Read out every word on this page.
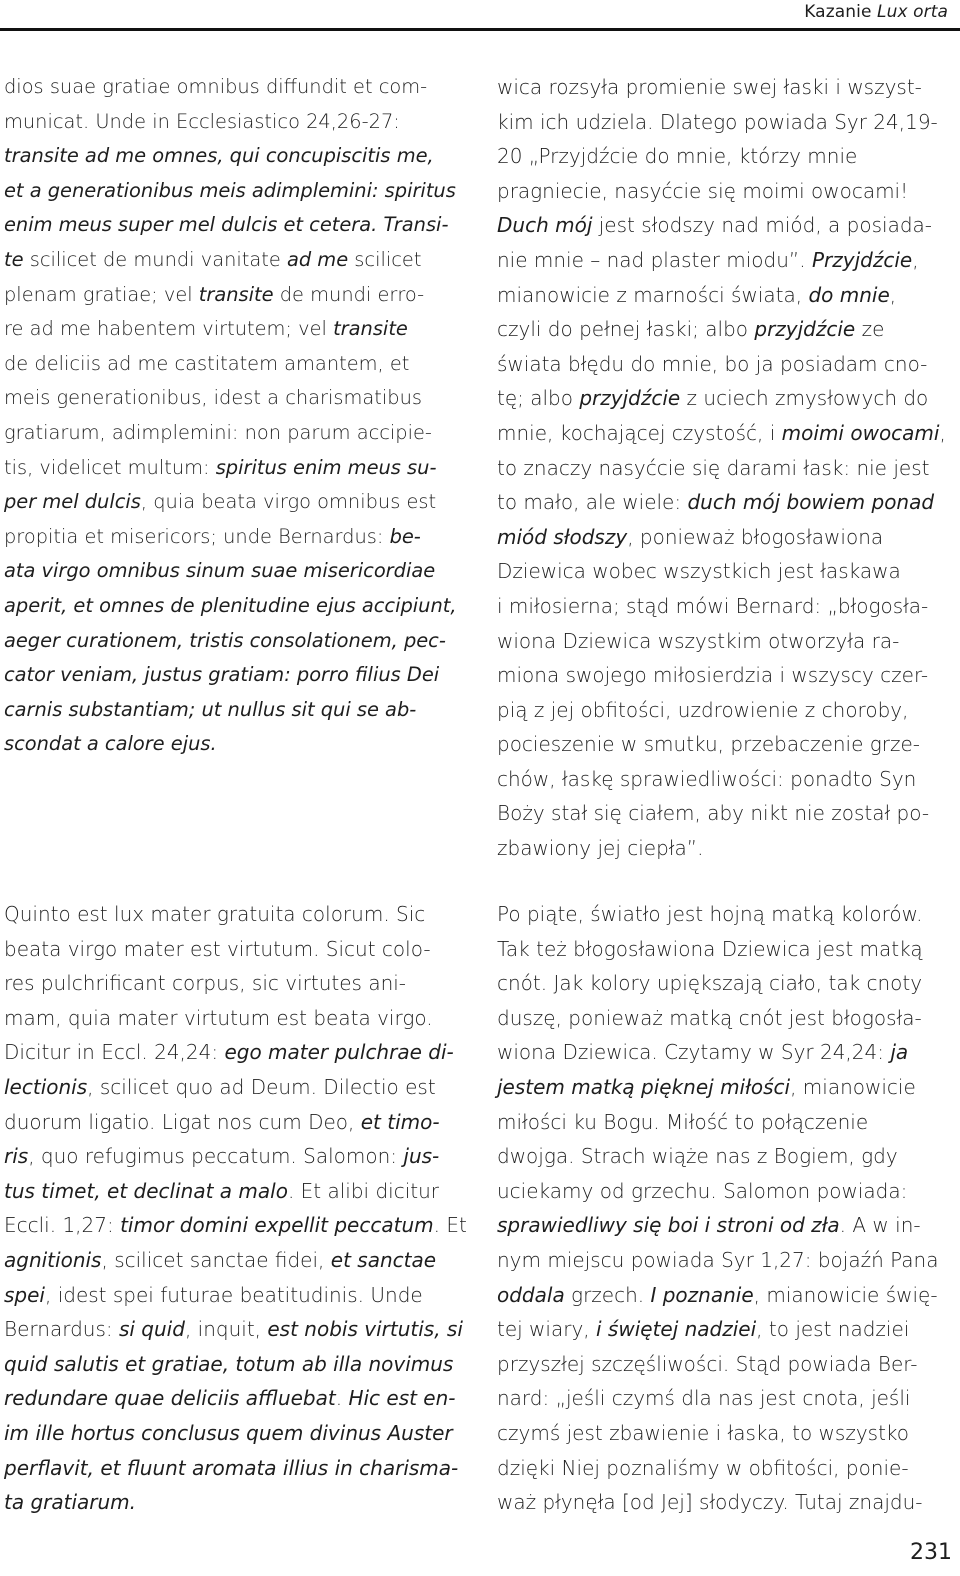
Kazanie Lux orta
dios suae gratiae omnibus diffundit et com-
municat. Unde in Ecclesiastico 24,26-27:
transite ad me omnes, qui concupiscitis me,
et a generationibus meis adimplemini: spiritus
enim meus super mel dulcis et cetera. Transi-
te scilicet de mundi vanitate ad me scilicet
plenam gratiae; vel transite de mundi erro-
re ad me habentem virtutem; vel transite
de deliciis ad me castitatem amantem, et
meis generationibus, idest a charismatibus
gratiarum, adimplemini: non parum accipie-
tis, videlicet multum: spiritus enim meus su-
per mel dulcis, quia beata virgo omnibus est
propitia et misericors; unde Bernardus: be-
ata virgo omnibus sinum suae misericordiae
aperit, et omnes de plenitudine ejus accipiunt,
aeger curationem, tristis consolationem, pec-
cator veniam, justus gratiam: porro filius Dei
carnis substantiam; ut nullus sit qui se ab-
scondat a calore ejus.
wica rozsyła promienie swej łaski i wszyst-
kim ich udziela. Dlatego powiada Syr 24,19-
20 „Przyjdźcie do mnie, którzy mnie
pragniecie, nasyćcie się moimi owocami!
Duch mój jest słodszy nad miód, a posiada-
nie mnie – nad plaster miodu”. Przyjdźcie,
mianowicie z marności świata, do mnie,
czyli do pełnej łaski; albo przyjdźcie ze
świata błędu do mnie, bo ja posiadam cno-
tę; albo przyjdźcie z uciech zmysłowych do
mnie, kochającej czystość, i moimi owocami,
to znaczy nasyćcie się darami łask: nie jest
to mało, ale wiele: duch mój bowiem ponad
miód słodszy, ponieważ błogosławiona
Dziewica wobec wszystkich jest łaskawa
i miłosierna; stąd mówi Bernard: „błogosła-
wiona Dziewica wszystkim otworzyła ra-
miona swojego miłosierdzia i wszyscy czer-
pią z jej obfitości, uzdrowienie z choroby,
pocieszenie w smutku, przebaczenie grze-
chów, łaskę sprawiedliwości: ponadto Syn
Boży stał się ciałem, aby nikt nie został po-
zbawiony jej ciepła”.
Quinto est lux mater gratuita colorum. Sic
beata virgo mater est virtutum. Sicut colo-
res pulchrificant corpus, sic virtutes ani-
mam, quia mater virtutum est beata virgo.
Dicitur in Eccl. 24,24: ego mater pulchrae di-
lectionis, scilicet quo ad Deum. Dilectio est
duorum ligatio. Ligat nos cum Deo, et timo-
ris, quo refugimus peccatum. Salomon: jus-
tus timet, et declinat a malo. Et alibi dicitur
Eccli. 1,27: timor domini expellit peccatum. Et
agnitionis, scilicet sanctae fidei, et sanctae
spei, idest spei futurae beatitudinis. Unde
Bernardus: si quid, inquit, est nobis virtutis, si
quid salutis et gratiae, totum ab illa novimus
redundare quae deliciis affluebat. Hic est en-
im ille hortus conclusus quem divinus Auster
perflavit, et fluunt aromata illius in charisma-
ta gratiarum.
Po piąte, światło jest hojną matką kolorów.
Tak też błogosławiona Dziewica jest matką
cnót. Jak kolory upiększają ciało, tak cnoty
duszę, ponieważ matką cnót jest błogosła-
wiona Dziewica. Czytamy w Syr 24,24: ja
jestem matką pięknej miłości, mianowicie
miłości ku Bogu. Miłość to połączenie
dwojga. Strach wiąże nas z Bogiem, gdy
uciekamy od grzechu. Salomon powiada:
sprawiedliwy się boi i stroni od zła. A w in-
nym miejscu powiada Syr 1,27: bojaźń Pana
oddala grzech. I poznanie, mianowicie świę-
tej wiary, i świętej nadziei, to jest nadziei
przyszłej szczęśliwości. Stąd powiada Ber-
nard: „jeśli czymś dla nas jest cnota, jeśli
czymś jest zbawienie i łaska, to wszystko
dzięki Niej poznaliśmy w obfitości, ponie-
waż płynęła [od Jej] słodyczy. Tutaj znajdu-
231
